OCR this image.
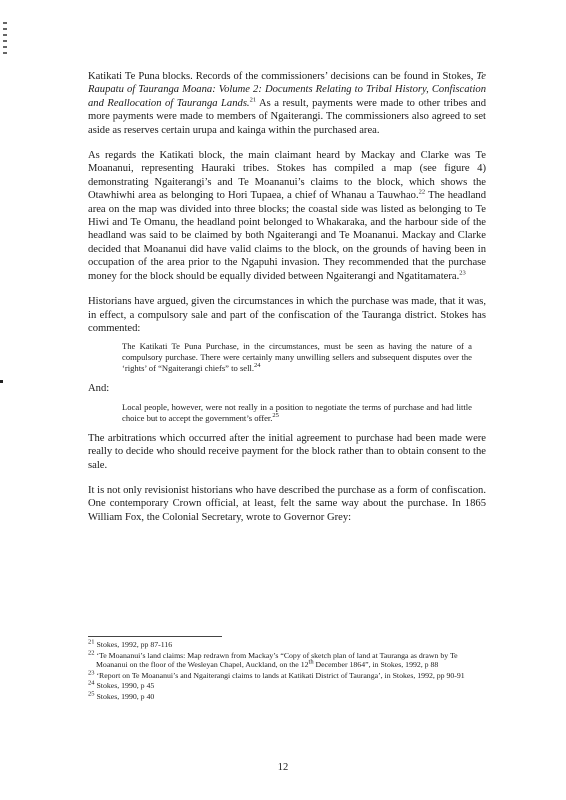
Katikati Te Puna blocks. Records of the commissioners’ decisions can be found in Stokes, Te Raupatu of Tauranga Moana: Volume 2: Documents Relating to Tribal History, Confiscation and Reallocation of Tauranga Lands.$^{21}$ As a result, payments were made to other tribes and more payments were made to members of Ngaiterangi. The commissioners also agreed to set aside as reserves certain urupa and kainga within the purchased area.

As regards the Katikati block, the main claimant heard by Mackay and Clarke was Te Moananui, representing Hauraki tribes. Stokes has compiled a map (see figure 4) demonstrating Ngaiterangi’s and Te Moananui’s claims to the block, which shows the Otawhiwhi area as belonging to Hori Tupaea, a chief of Whanau a Tauwhao.$^{22}$ The headland area on the map was divided into three blocks; the coastal side was listed as belonging to Te Hiwi and Te Omanu, the headland point belonged to Whakaraka, and the harbour side of the headland was said to be claimed by both Ngaiterangi and Te Moananui. Mackay and Clarke decided that Moananui did have valid claims to the block, on the grounds of having been in occupation of the area prior to the Ngapuhi invasion. They recommended that the purchase money for the block should be equally divided between Ngaiterangi and Ngatitamatera.$^{23}$

Historians have argued, given the circumstances in which the purchase was made, that it was, in effect, a compulsory sale and part of the confiscation of the Tauranga district. Stokes has commented:

The Katikati Te Puna Purchase, in the circumstances, must be seen as having the nature of a compulsory purchase. There were certainly many unwilling sellers and subsequent disputes over the ‘rights’ of “Ngaiterangi chiefs” to sell.$^{24}$

And:

Local people, however, were not really in a position to negotiate the terms of purchase and had little choice but to accept the government’s offer.$^{25}$

The arbitrations which occurred after the initial agreement to purchase had been made were really to decide who should receive payment for the block rather than to obtain consent to the sale.

It is not only revisionist historians who have described the purchase as a form of confiscation. One contemporary Crown official, at least, felt the same way about the purchase. In 1865 William Fox, the Colonial Secretary, wrote to Governor Grey:

$^{21}$ Stokes, 1992, pp 87-116
$^{22}$ ‘Te Moananui’s land claims: Map redrawn from Mackay’s “Copy of sketch plan of land at Tauranga as drawn by Te Moananui on the floor of the Wesleyan Chapel, Auckland, on the 12th December 1864”, in Stokes, 1992, p 88
$^{23}$ ‘Report on Te Moananui’s and Ngaiterangi claims to lands at Katikati District of Tauranga’, in Stokes, 1992, pp 90-91
$^{24}$ Stokes, 1990, p 45
$^{25}$ Stokes, 1990, p 40
12
